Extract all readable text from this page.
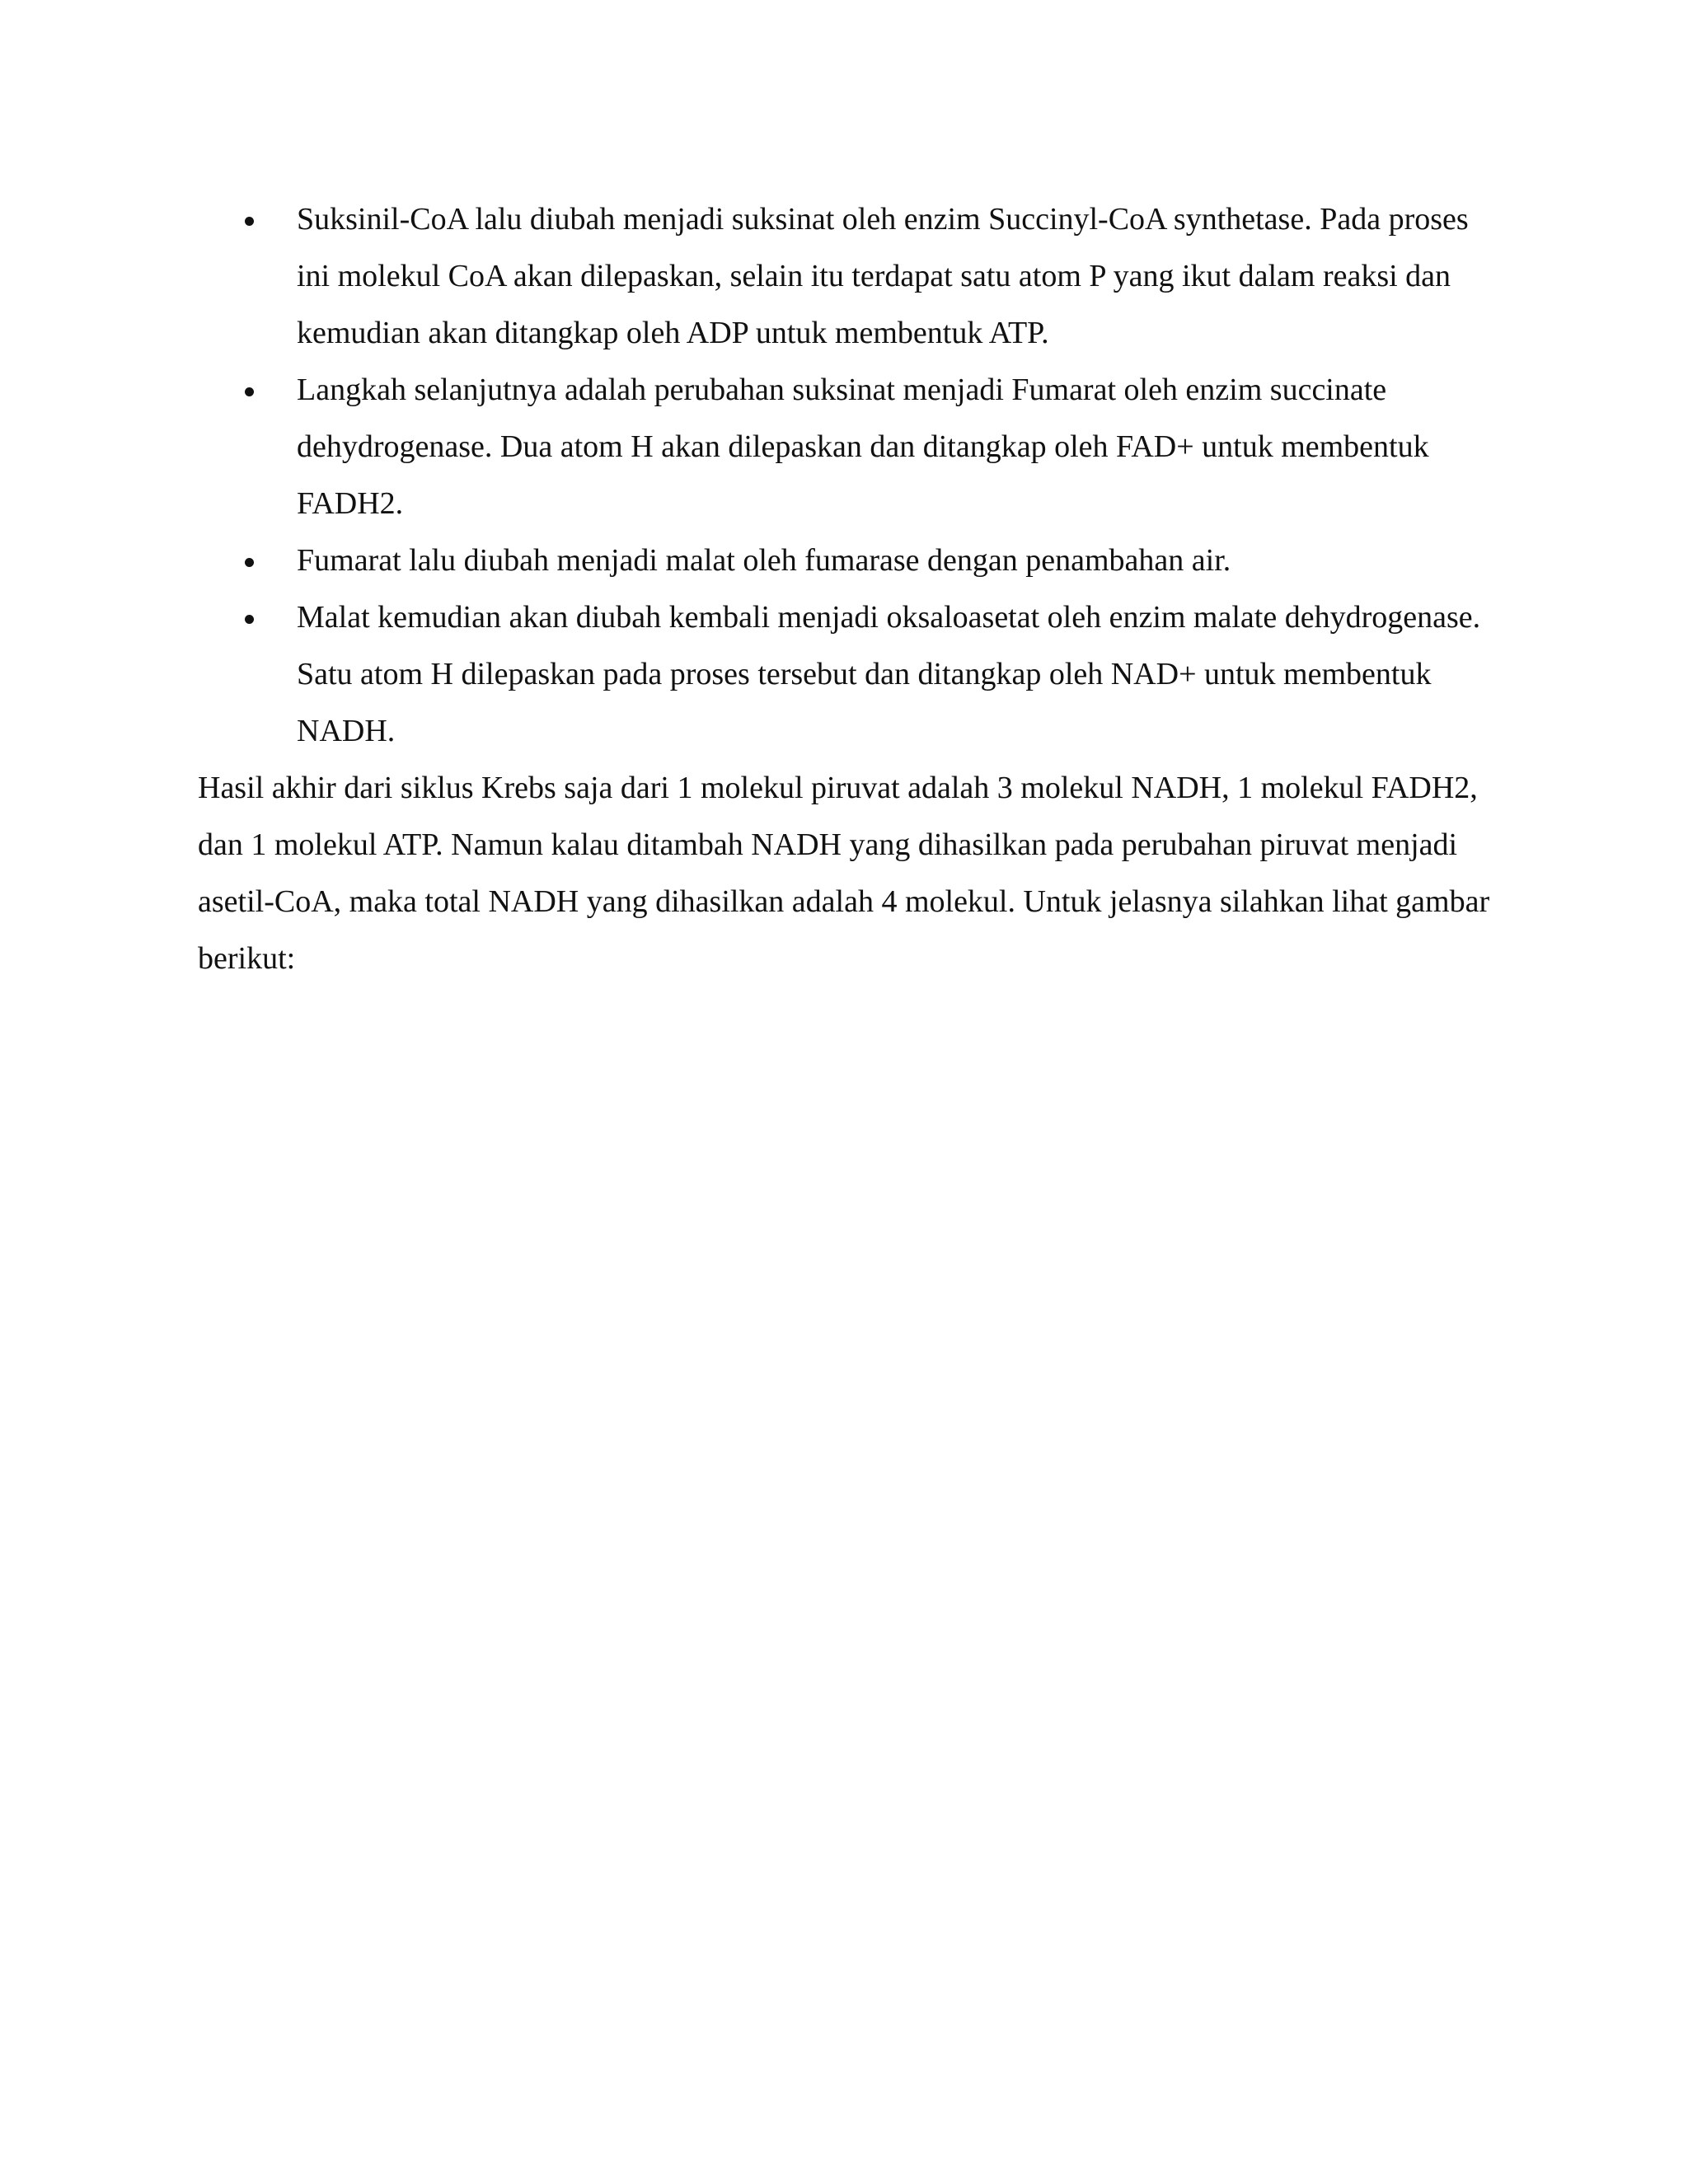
Suksinil-CoA lalu diubah menjadi suksinat oleh enzim Succinyl-CoA synthetase. Pada proses ini molekul CoA akan dilepaskan, selain itu terdapat satu atom P yang ikut dalam reaksi dan kemudian akan ditangkap oleh ADP untuk membentuk ATP.
Langkah selanjutnya adalah perubahan suksinat menjadi Fumarat oleh enzim succinate dehydrogenase. Dua atom H akan dilepaskan dan ditangkap oleh FAD+ untuk membentuk FADH2.
Fumarat lalu diubah menjadi malat oleh fumarase dengan penambahan air.
Malat kemudian akan diubah kembali menjadi oksaloasetat oleh enzim malate dehydrogenase. Satu atom H dilepaskan pada proses tersebut dan ditangkap oleh NAD+ untuk membentuk NADH.

Hasil akhir dari siklus Krebs saja dari 1 molekul piruvat adalah 3 molekul NADH, 1 molekul FADH2, dan 1 molekul ATP. Namun kalau ditambah NADH yang dihasilkan pada perubahan piruvat menjadi asetil-CoA, maka total NADH yang dihasilkan adalah 4 molekul. Untuk jelasnya silahkan lihat gambar berikut:
